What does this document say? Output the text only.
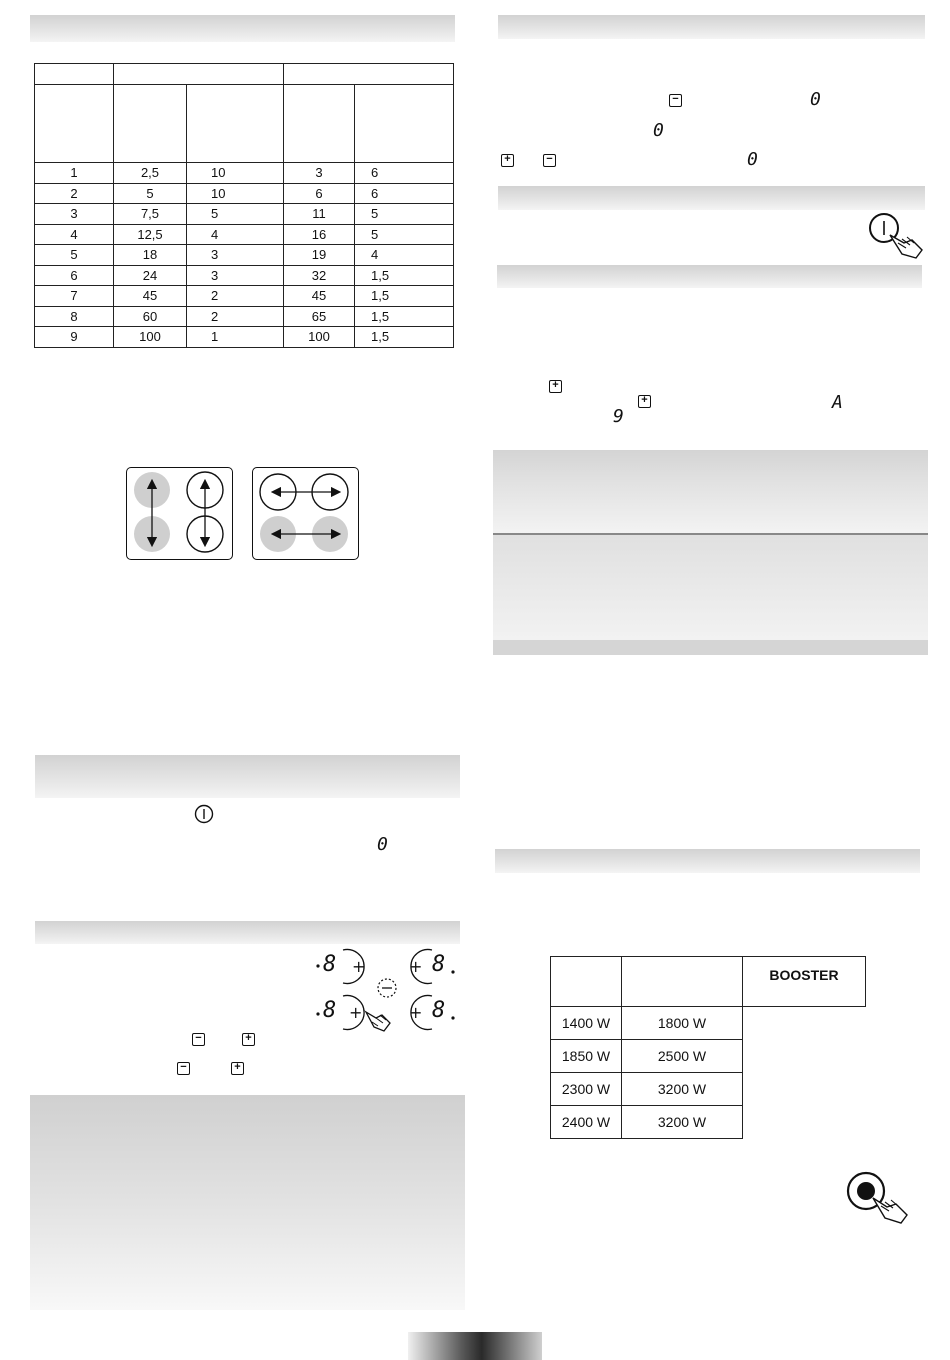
1	2,5	10	3	6
2	5	10	6	6
3	7,5	5	11	5
4	12,5	4	16	5
5	18	3	19	4
6	24	3	32	1,5
7	45	2	45	1,5
8	60	2	65	1,5
9	100	1	100	1,5
0
8	8
8	8
+	+
+	+
−	+
−	+
−	0
0
+	−	0
+
+
9
A
		BOOSTER
1400 W	1800 W	
1850 W	2500 W	
2300 W	3200 W	
2400 W	3200 W	
